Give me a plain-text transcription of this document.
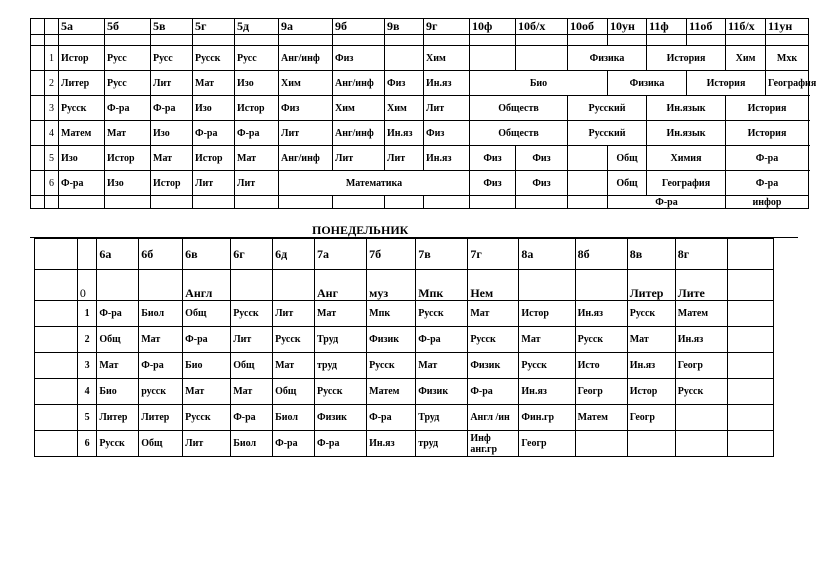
		5а	5б	5в	5г	5д	9а	9б	9в	9г	10ф	10б/х	10об	10ун	11ф	11об	11б/х	11ун

	1	Истор	Русс	Русс	Русск	Русс	Анг/инф	Физ		Хим			Физика		История		Хим	Мхк
	2	Литер	Русс	Лит	Мат	Изо	Хим	Анг/инф	Физ	Ин.яз	Био			Физика		История		География
	3	Русск	Ф-ра	Ф-ра	Изо	Истор	Физ	Хим	Хим	Лит	Обществ		Русский		Ин.язык		История	
	4	Матем	Мат	Изо	Ф-ра	Ф-ра	Лит	Анг/инф	Ин.яз	Физ	Обществ		Русский		Ин.язык		История	
	5	Изо	Истор	Мат	Истор	Мат	Анг/инф	Лит	Лит	Ин.яз	Физ	Физ		Общ	Химия		Ф-ра	
	6	Ф-ра	Изо	Истор	Лит	Лит	Математика				Физ	Физ		Общ	География		Ф-ра	
														Ф-ра			инфор	
ПОНЕДЕЛЬНИК
		6а	6б	6в	6г	6д	7а	7б	7в	7г	8а	8б	8в	8г	
	0			Англ			Анг	муз	Мпк	Нем			Литер	Лите	
	1	Ф-ра	Биол	Общ	Русск	Лит	Мат	Мпк	Русск	Мат	Истор	Ин.яз	Русск	Матем	
	2	Общ	Мат	Ф-ра	Лит	Русск	Труд	Физик	Ф-ра	Русск	Мат	Русск	Мат	Ин.яз	
	3	Мат	Ф-ра	Био	Общ	Мат	труд	Русск	Мат	Физик	Русск	Исто	Ин.яз	Геогр	
	4	Био	русск	Мат	Мат	Общ	Русск	Матем	Физик	Ф-ра	Ин.яз	Геогр	Истор	Русск	
	5	Литер	Литер	Русск	Ф-ра	Биол	Физик	Ф-ра	Труд	Англ /ин	Фин.гр	Матем	Геогр		
	6	Русск	Общ	Лит	Биол	Ф-ра	Ф-ра	Ин.яз	труд	Инф анг.гр	Геогр				
